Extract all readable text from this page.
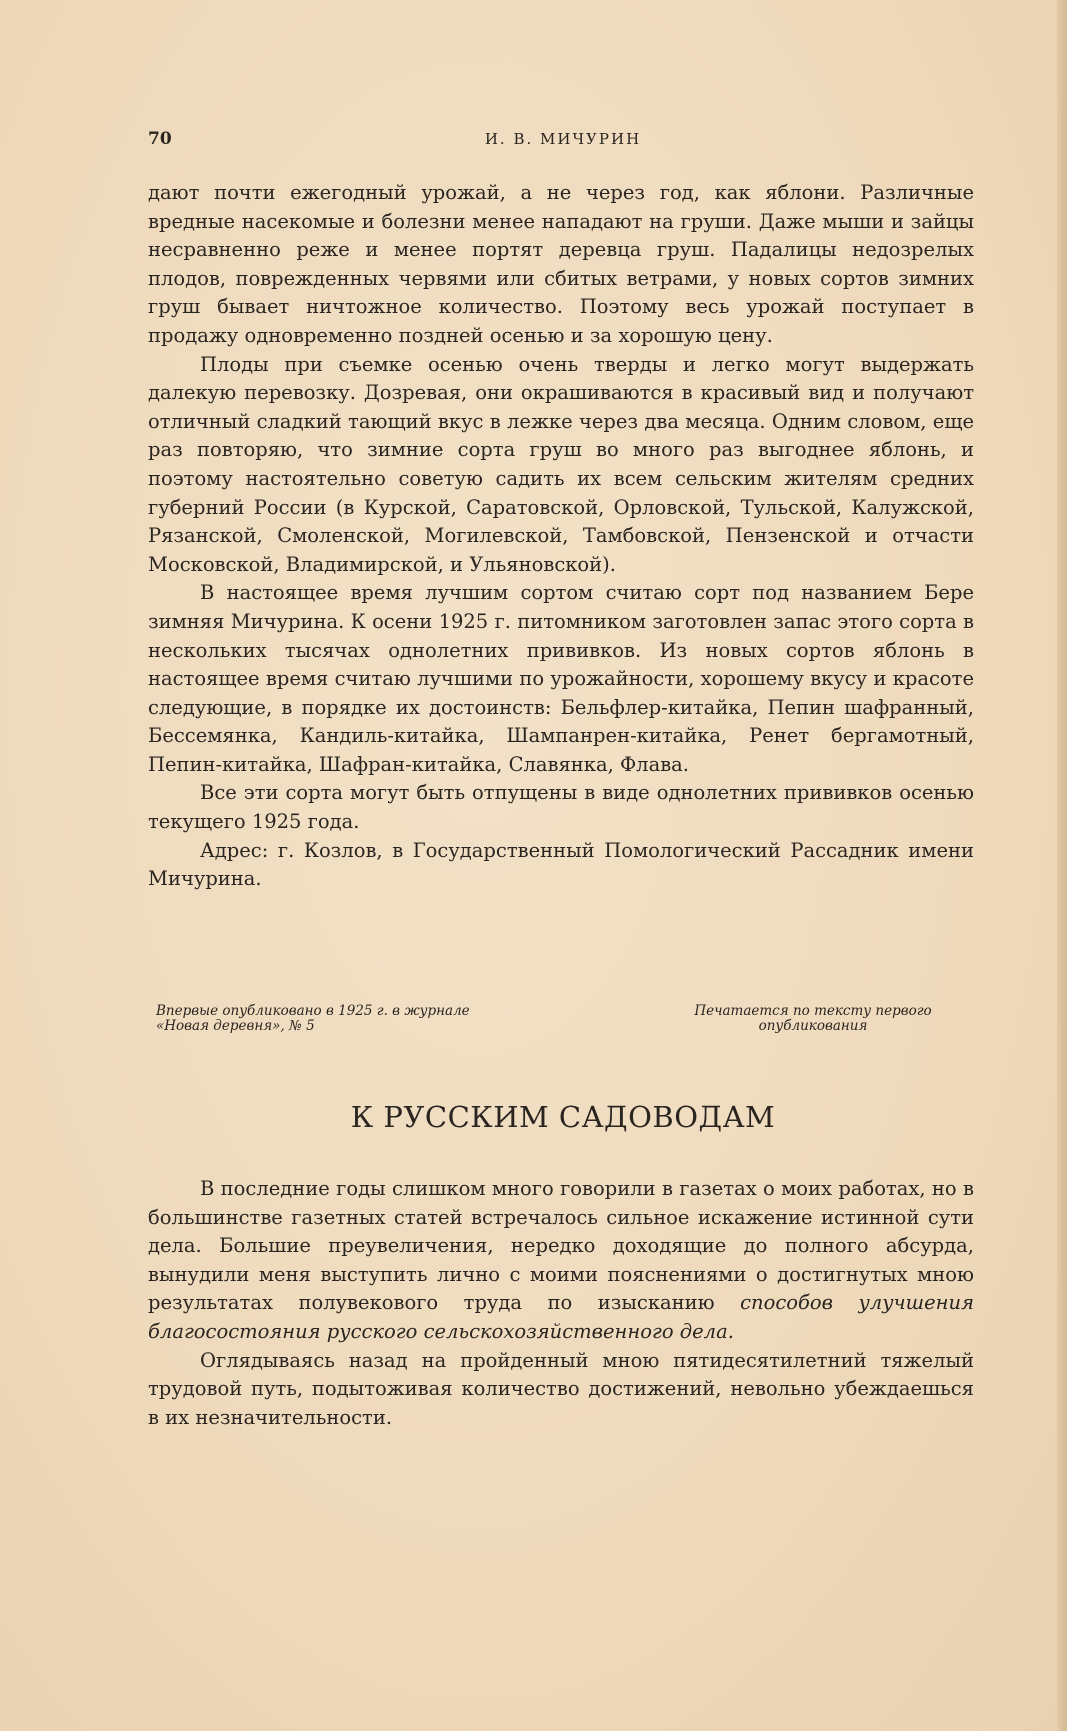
70	И. В. МИЧУРИН

дают почти ежегодный урожай, а не через год, как яблони. Различные вредные насекомые и болезни менее нападают на груши. Даже мыши и зайцы несравненно реже и менее портят деревца груш. Падалицы недозрелых плодов, поврежденных червями или сбитых ветрами, у новых сортов зимних груш бывает ничтожное количество. Поэтому весь урожай поступает в продажу одновременно поздней осенью и за хорошую цену.

Плоды при съемке осенью очень тверды и легко могут выдержать далекую перевозку. Дозревая, они окрашиваются в красивый вид и получают отличный сладкий тающий вкус в лежке через два месяца. Одним словом, еще раз повторяю, что зимние сорта груш во много раз выгоднее яблонь, и поэтому настоятельно советую садить их всем сельским жителям средних губерний России (в Курской, Саратовской, Орловской, Тульской, Калужской, Рязанской, Смоленской, Могилевской, Тамбовской, Пензенской и отчасти Московской, Владимирской, и Ульяновской).

В настоящее время лучшим сортом считаю сорт под названием Бере зимняя Мичурина. К осени 1925 г. питомником заготовлен запас этого сорта в нескольких тысячах однолетних прививков. Из новых сортов яблонь в настоящее время считаю лучшими по урожайности, хорошему вкусу и красоте следующие, в порядке их достоинств: Бельфлер-китайка, Пепин шафранный, Бессемянка, Кандиль-китайка, Шампанрен-китайка, Ренет бергамотный, Пепин-китайка, Шафран-китайка, Славянка, Флава.

Все эти сорта могут быть отпущены в виде однолетних прививков осенью текущего 1925 года.

Адрес: г. Козлов, в Государственный Помологический Рассадник имени Мичурина.

Впервые опубликовано в 1925 г. в журнале «Новая деревня», № 5
Печатается по тексту первого опубликования
К РУССКИМ САДОВОДАМ

В последние годы слишком много говорили в газетах о моих работах, но в большинстве газетных статей встречалось сильное искажение истинной сути дела. Большие преувеличения, нередко доходящие до полного абсурда, вынудили меня выступить лично с моими пояснениями о достигнутых мною результатах полувекового труда по изысканию способов улучшения благосостояния русского сельскохозяйственного дела.

Оглядываясь назад на пройденный мною пятидесятилетний тяжелый трудовой путь, подытоживая количество достижений, невольно убеждаешься в их незначительности.
